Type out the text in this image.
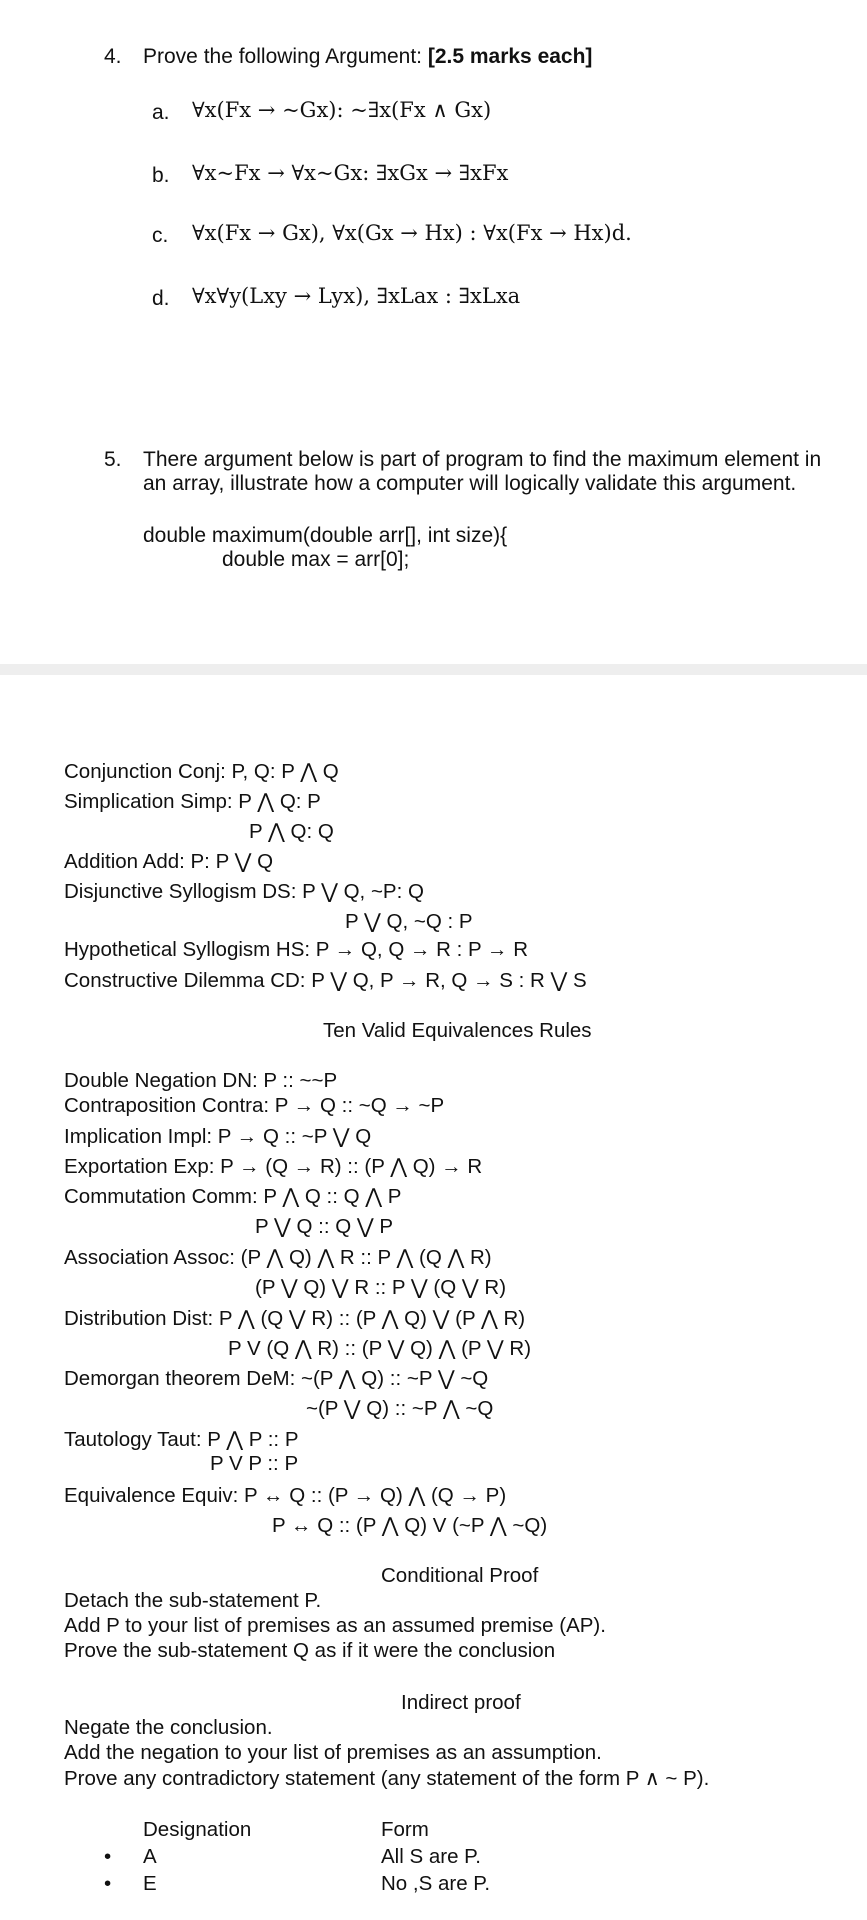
4. Prove the following Argument: [2.5 marks each]
a. ∀x(Fx → ~Gx): ~∃x(Fx ∧ Gx)
b. ∀x~Fx → ∀x~Gx: ∃xGx → ∃xFx
c. ∀x(Fx → Gx), ∀x(Gx → Hx) : ∀x(Fx → Hx)d.
d. ∀x∀y(Lxy → Lyx), ∃xLax : ∃xLxa
5. There argument below is part of program to find the maximum element in
an array, illustrate how a computer will logically validate this argument.
double maximum(double arr[], int size){
double max = arr[0];
Conjunction Conj: P, Q: P ⋀ Q
Simplication Simp: P ⋀ Q: P
P ⋀ Q: Q
Addition Add: P: P ⋁ Q
Disjunctive Syllogism DS: P ⋁ Q, ~P: Q
P ⋁ Q, ~Q : P
Hypothetical Syllogism HS: P → Q, Q → R : P → R
Constructive Dilemma CD: P ⋁ Q, P → R, Q → S : R ⋁ S
Ten Valid Equivalences Rules
Double Negation DN: P :: ~~P
Contraposition Contra: P → Q :: ~Q → ~P
Implication Impl: P → Q :: ~P ⋁ Q
Exportation Exp: P → (Q → R) :: (P ⋀ Q) → R
Commutation Comm: P ⋀ Q :: Q ⋀ P
P ⋁ Q :: Q ⋁ P
Association Assoc: (P ⋀ Q) ⋀ R :: P ⋀ (Q ⋀ R)
(P ⋁ Q) ⋁ R :: P ⋁ (Q ⋁ R)
Distribution Dist: P ⋀ (Q ⋁ R) :: (P ⋀ Q) ⋁ (P ⋀ R)
P V (Q ⋀ R) :: (P ⋁ Q) ⋀ (P ⋁ R)
Demorgan theorem DeM: ~(P ⋀ Q) :: ~P ⋁ ~Q
~(P ⋁ Q) :: ~P ⋀ ~Q
Tautology Taut: P ⋀ P :: P
P V P :: P
Equivalence Equiv: P ↔ Q :: (P → Q) ⋀ (Q → P)
P ↔ Q :: (P ⋀ Q) V (~P ⋀ ~Q)
Conditional Proof
Detach the sub-statement P.
Add P to your list of premises as an assumed premise (AP).
Prove the sub-statement Q as if it were the conclusion
Indirect proof
Negate the conclusion.
Add the negation to your list of premises as an assumption.
Prove any contradictory statement (any statement of the form P ∧ ~ P).
Designation	Form
• A	All S are P.
• E	No ,S are P.
